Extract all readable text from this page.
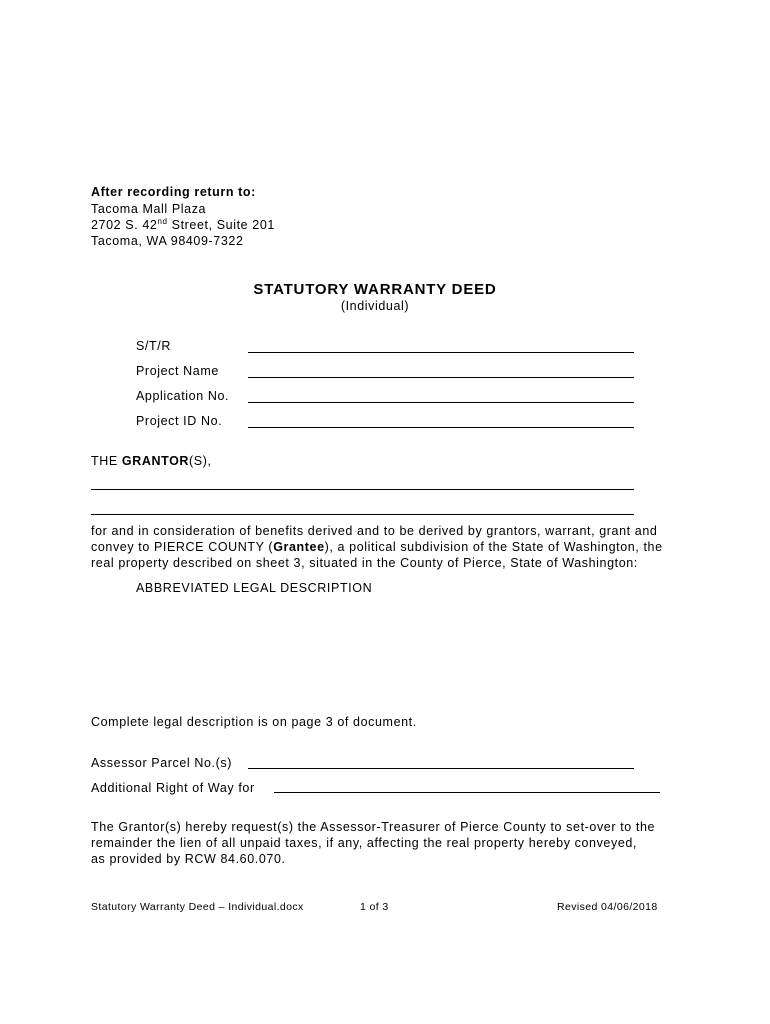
After recording return to:
Tacoma Mall Plaza
2702 S. 42nd Street, Suite 201
Tacoma, WA 98409-7322
STATUTORY WARRANTY DEED
(Individual)
S/T/R
Project Name
Application No.
Project ID No.
THE GRANTOR(S),
for and in consideration of benefits derived and to be derived by grantors, warrant, grant and
convey to PIERCE COUNTY (Grantee), a political subdivision of the State of Washington, the
real property described on sheet 3, situated in the County of Pierce, State of Washington:
ABBREVIATED LEGAL DESCRIPTION
Complete legal description is on page 3 of document.
Assessor Parcel No.(s)
Additional Right of Way for
The Grantor(s) hereby request(s) the Assessor-Treasurer of Pierce County to set-over to the
remainder the lien of all unpaid taxes, if any, affecting the real property hereby conveyed,
as provided by RCW 84.60.070.
Statutory Warranty Deed – Individual.docx	1 of 3	Revised 04/06/2018
